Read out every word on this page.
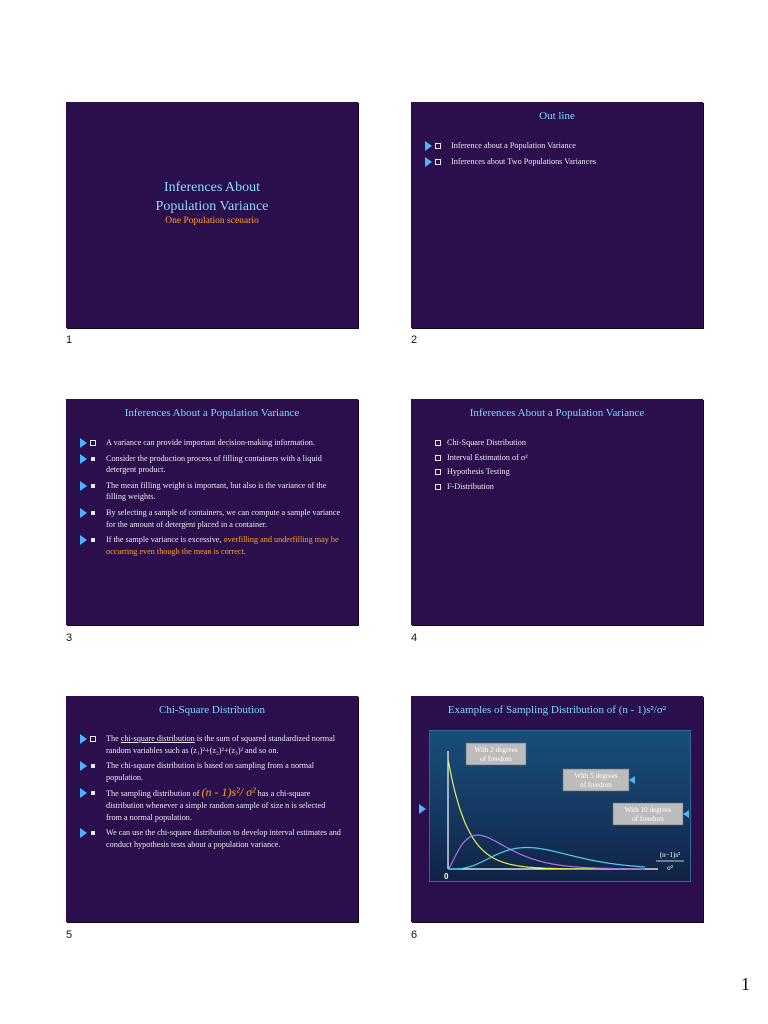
Inferences About
Population Variance
One Population scenario
1
Out line
Inference about a Population Variance
Inferences about Two Populations Variances
2
Inferences About a Population Variance
A variance can provide important decision-making information.
Consider the production process of filling containers with a liquid detergent product.
The mean filling weight is important, but also is the variance of the filling weights.
By selecting a sample of containers, we can compute a sample variance for the amount of detergent placed in a container.
If the sample variance is excessive, overfilling and underfilling may be occurring even though the mean is correct.
3
Inferences About a Population Variance
Chi-Square Distribution
Interval Estimation of σ²
Hypothesis Testing
F-Distribution
4
Chi-Square Distribution
The chi-square distribution is the sum of squared standardized normal random variables such as (z₁)²+(z₂)²+(z₃)² and so on.
The chi-square distribution is based on sampling from a normal population.
The sampling distribution of (n - 1)s²/ σ² has a chi-square distribution whenever a simple random sample of size n is selected from a normal population.
We can use the chi-square distribution to develop interval estimates and conduct hypothesis tests about a population variance.
5
Examples of Sampling Distribution of (n - 1)s²/σ²
0
(n−1)s²
σ²
With 2 degrees
of freedom
With 5 degrees
of freedom
With 10 degrees
of freedom
6
1
